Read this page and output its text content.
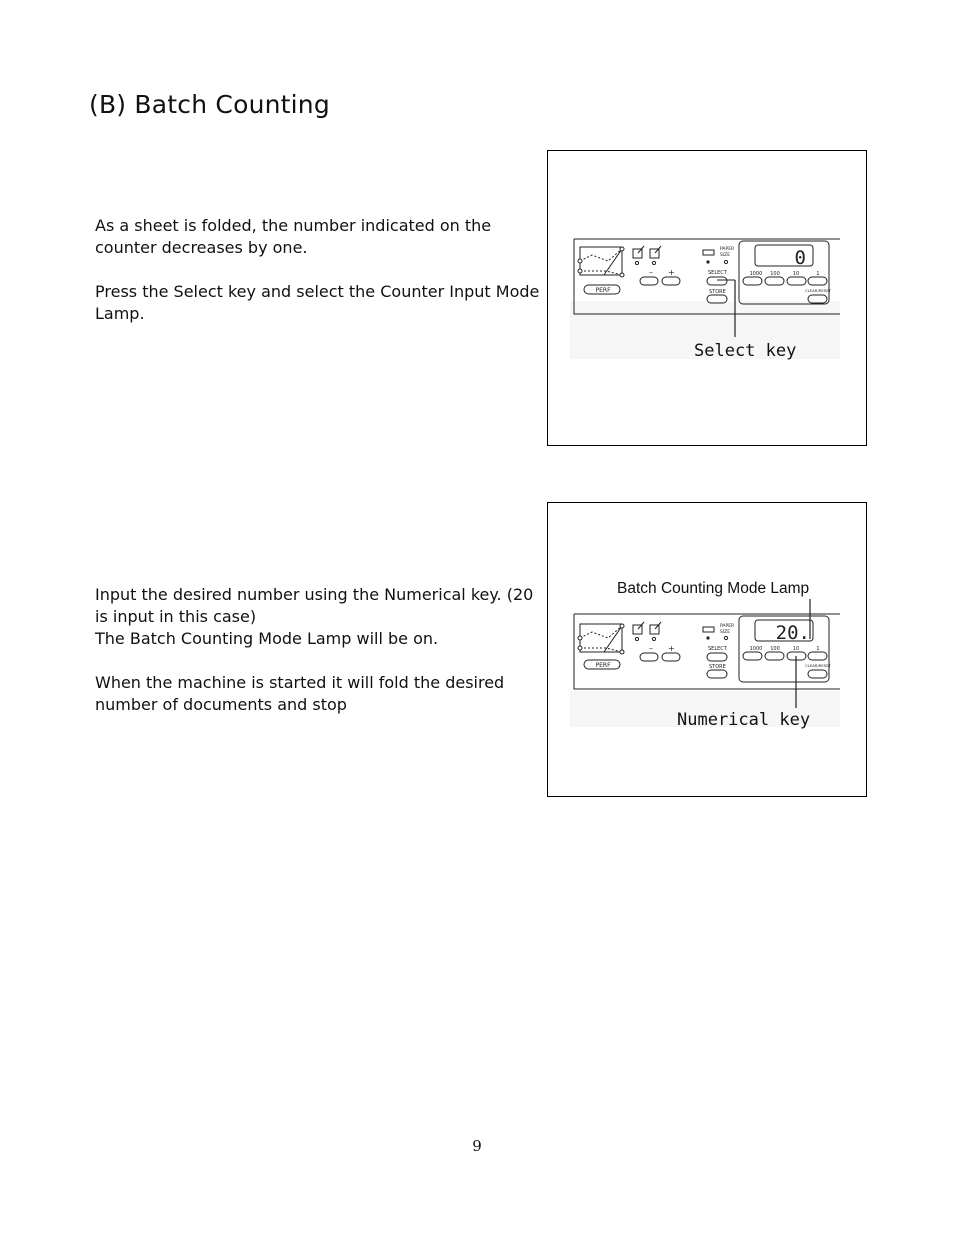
(B) Batch Counting

As a sheet is folded, the number indicated on the counter decreases by one.

Press the Select key and select the Counter Input Mode Lamp.

Input the desired number using the Numerical key. (20 is input in this case)

The Batch Counting Mode Lamp will be on.

When the machine is started it will fold the desired number of documents and stop

PERF
– +
PAPER
SIZE
SELECT
STORE
0
1000 100	10	1
CLEAR/RESET
Select key
Batch Counting Mode Lamp
PERF
– +
PAPER
SIZE
SELECT
STORE
20.
1000 100	10	1
CLEAR/RESET
Numerical key
9
